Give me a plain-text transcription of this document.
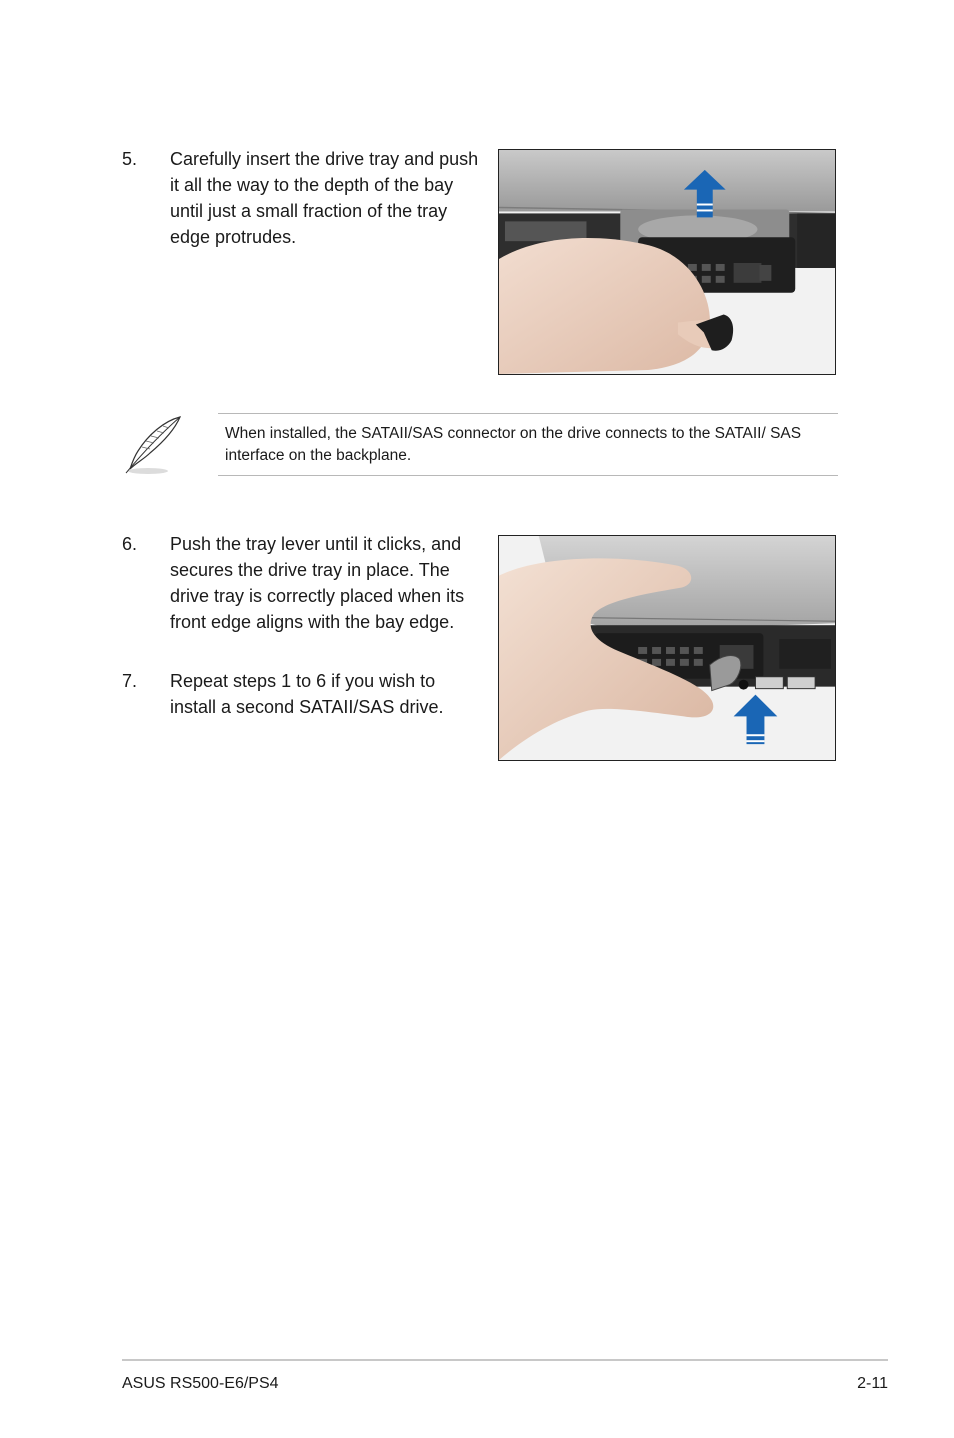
5. Carefully insert the drive tray and push it all the way to the depth of the bay until just a small fraction of the tray edge protrudes.
When installed, the SATAII/SAS connector on the drive connects to the SATAII/ SAS interface on the backplane.
6. Push the tray lever until it clicks, and secures the drive tray in place. The drive tray is correctly placed when its front edge aligns with the bay edge.
7. Repeat steps 1 to 6 if you wish to install a second SATAII/SAS drive.
ASUS RS500-E6/PS4	2-11
